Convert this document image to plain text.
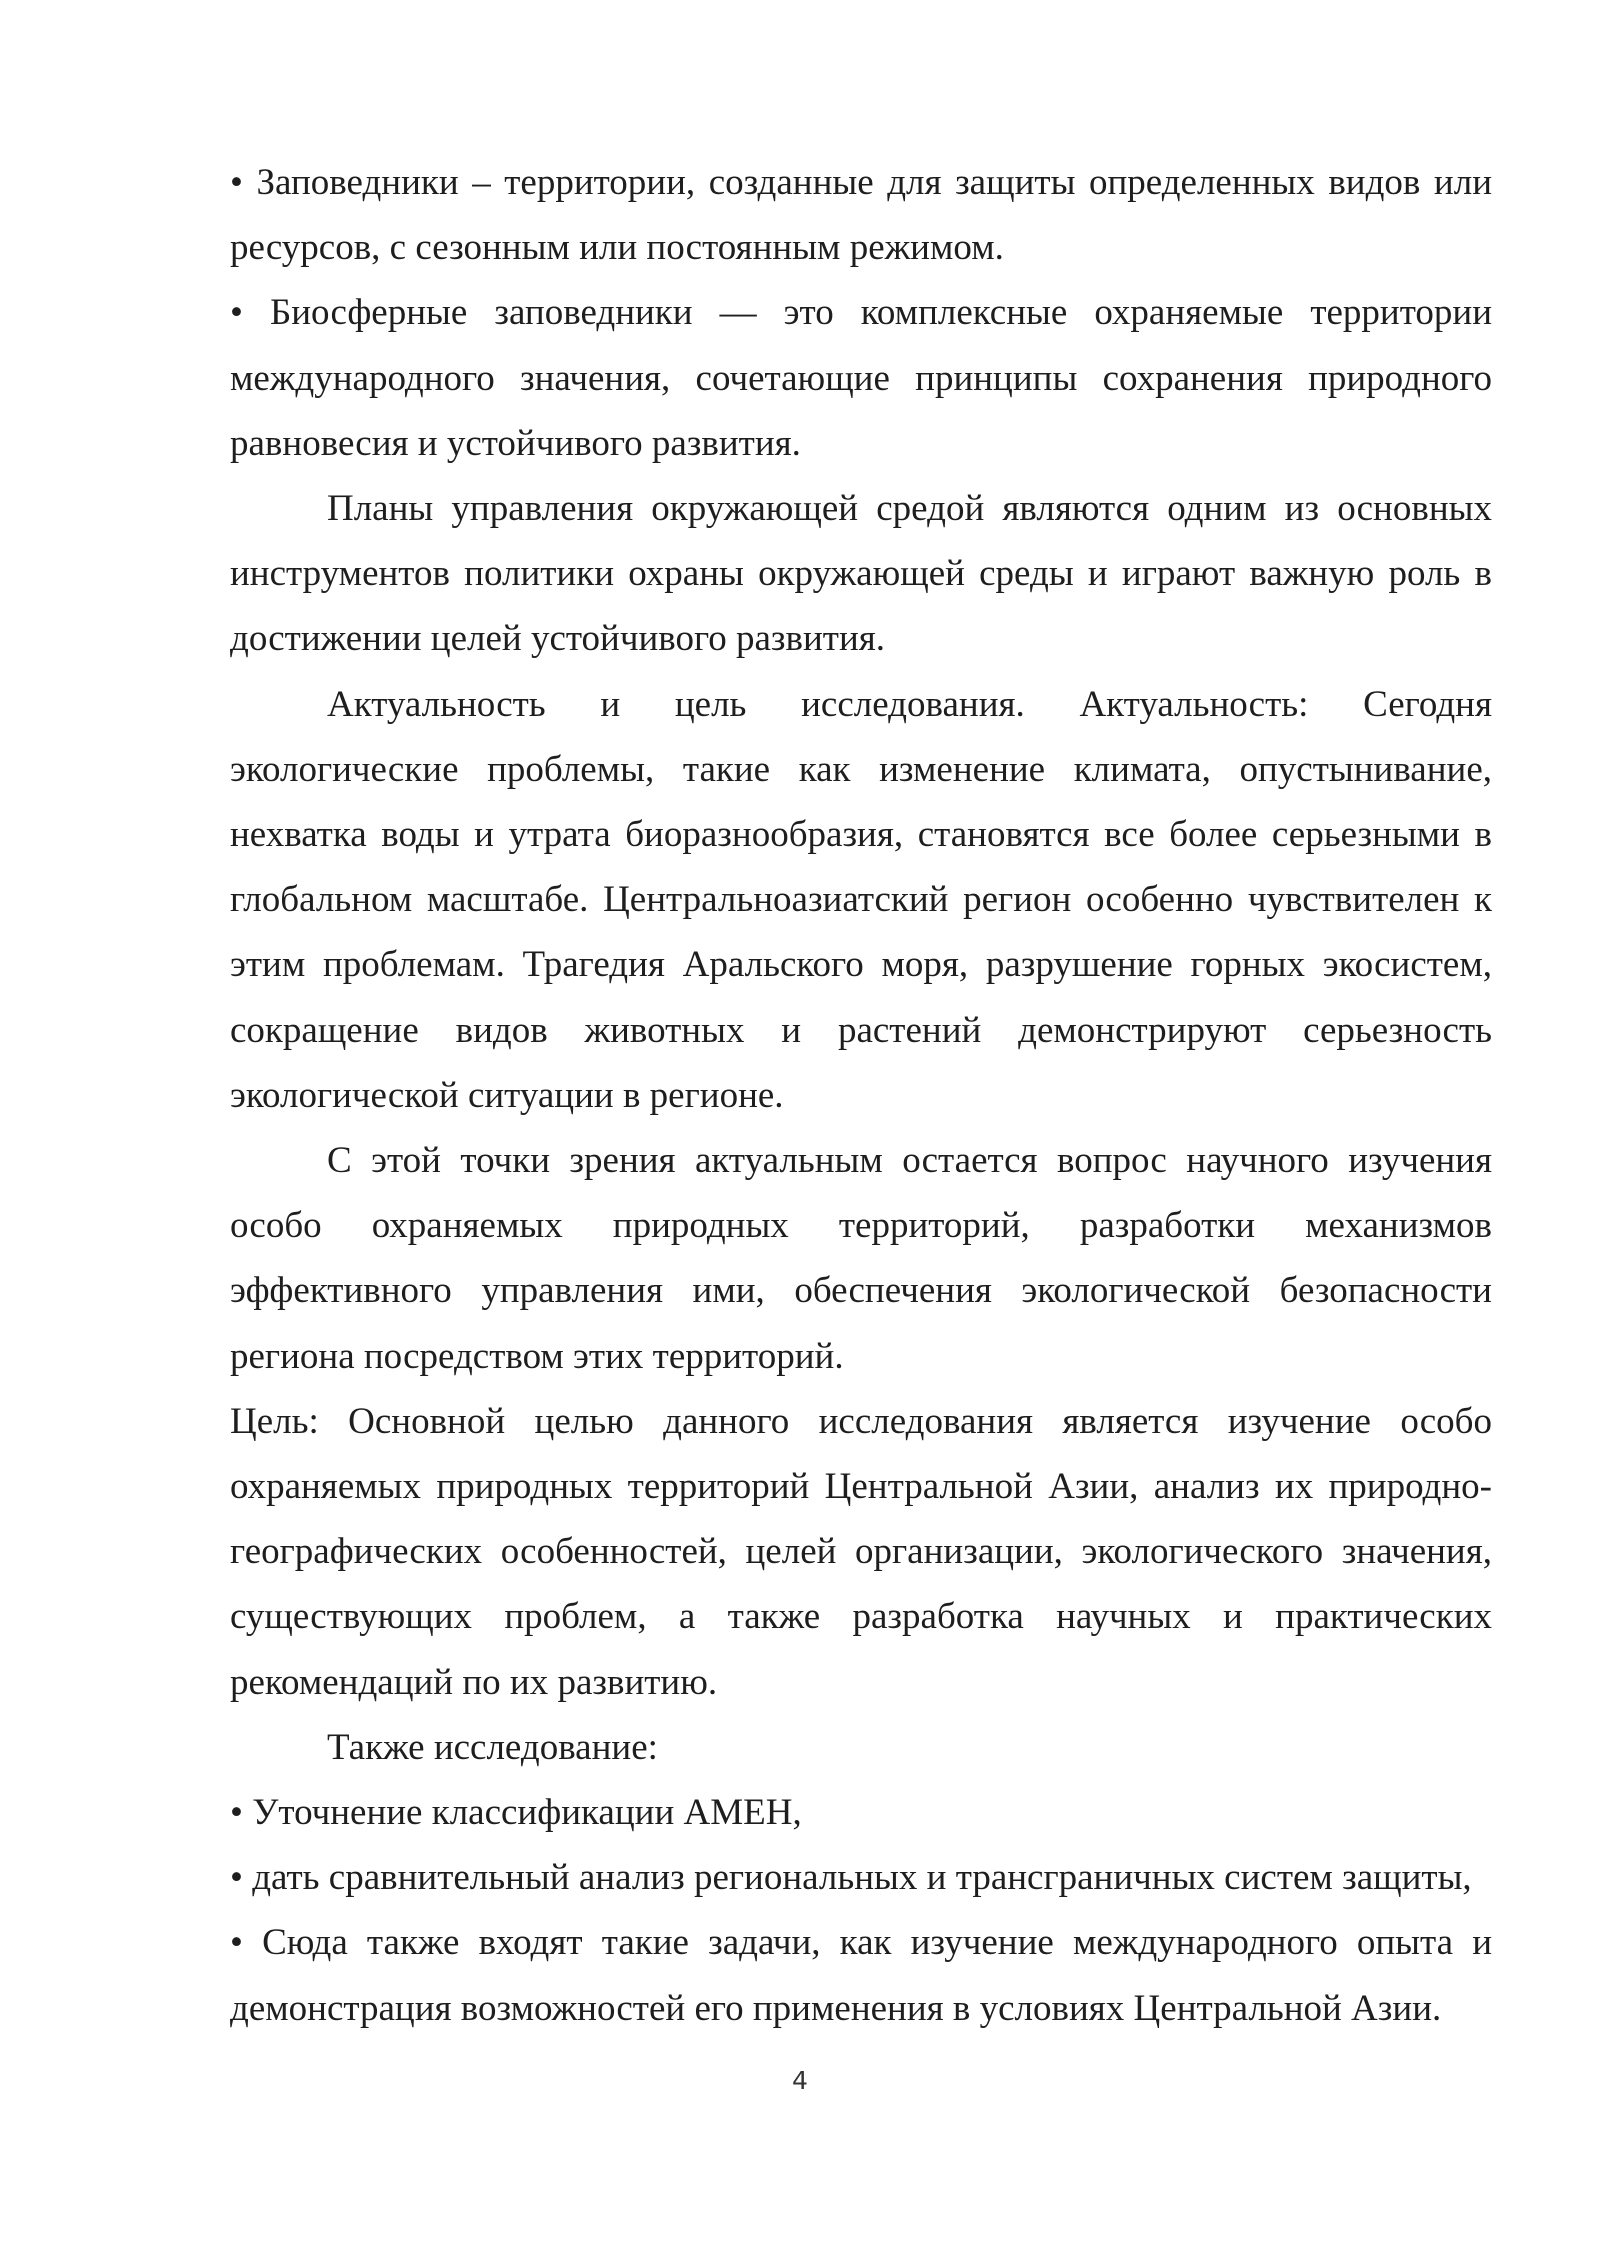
• Заповедники – территории, созданные для защиты определенных видов или ресурсов, с сезонным или постоянным режимом.

• Биосферные заповедники — это комплексные охраняемые территории международного значения, сочетающие принципы сохранения природного равновесия и устойчивого развития.

Планы управления окружающей средой являются одним из основных инструментов политики охраны окружающей среды и играют важную роль в достижении целей устойчивого развития.

Актуальность и цель исследования. Актуальность: Сегодня экологические проблемы, такие как изменение климата, опустынивание, нехватка воды и утрата биоразнообразия, становятся все более серьезными в глобальном масштабе. Центральноазиатский регион особенно чувствителен к этим проблемам. Трагедия Аральского моря, разрушение горных экосистем, сокращение видов животных и растений демонстрируют серьезность экологической ситуации в регионе.

С этой точки зрения актуальным остается вопрос научного изучения особо охраняемых природных территорий, разработки механизмов эффективного управления ими, обеспечения экологической безопасности региона посредством этих территорий.

Цель: Основной целью данного исследования является изучение особо охраняемых природных территорий Центральной Азии, анализ их природно-географических особенностей, целей организации, экологического значения, существующих проблем, а также разработка научных и практических рекомендаций по их развитию.

Также исследование:

• Уточнение классификации АМЕН,

• дать сравнительный анализ региональных и трансграничных систем защиты,

• Сюда также входят такие задачи, как изучение международного опыта и демонстрация возможностей его применения в условиях Центральной Азии.

4
